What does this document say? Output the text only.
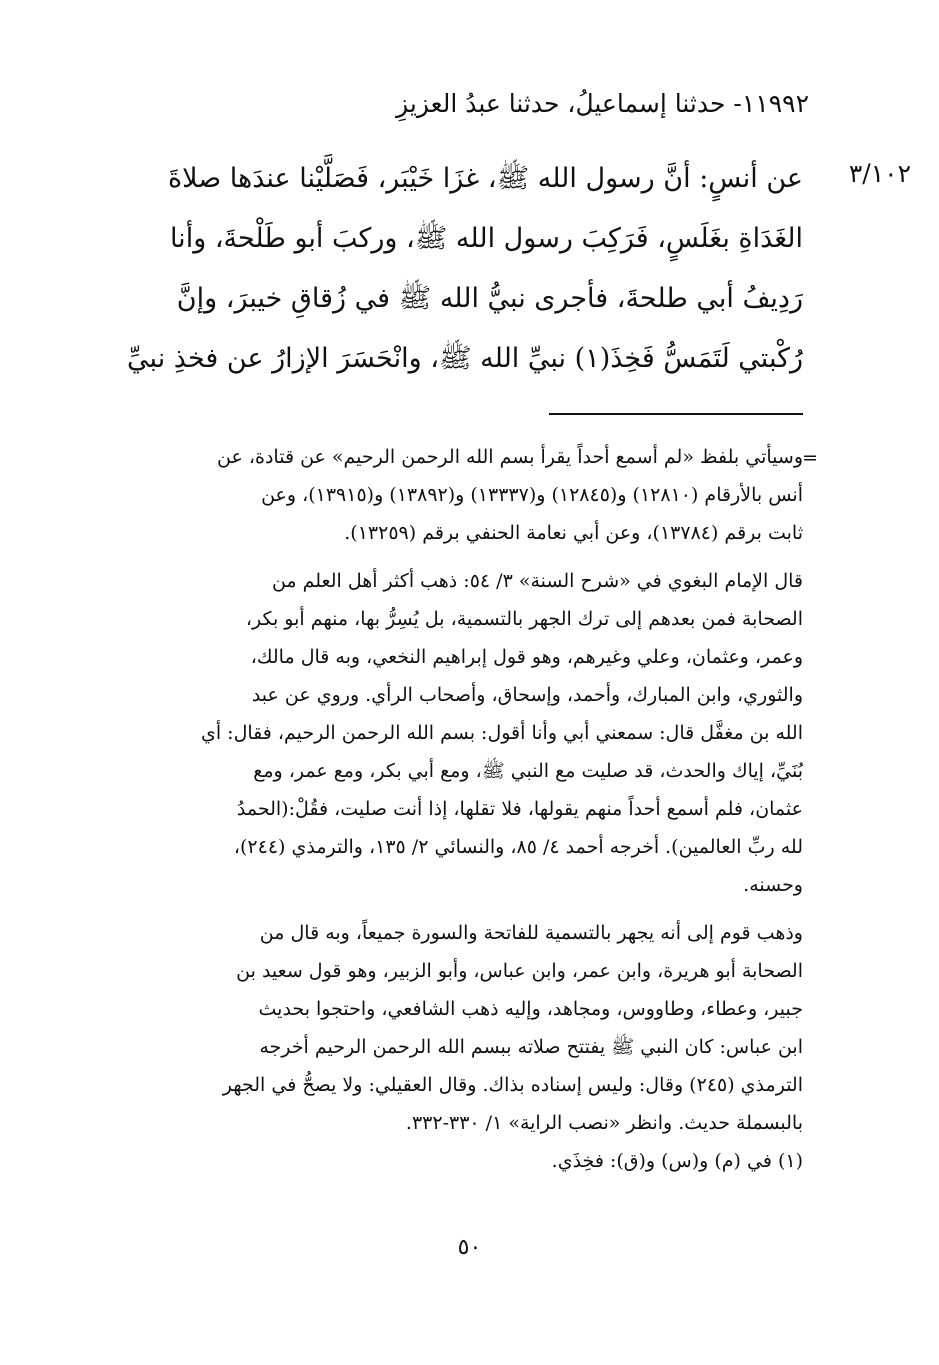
١١٩٩٢- حدثنا إسماعيلُ، حدثنا عبدُ العزيزِ
٣/١٠٢
عن أنسٍ: أنَّ رسول الله ﷺ، غزَا خَيْبَر، فَصَلَّيْنا عندَها صلاةَ
الغَدَاةِ بغَلَسٍ، فَرَكِبَ رسول الله ﷺ، وركبَ أبو طَلْحةَ، وأنا
رَدِيفُ أبي طلحةَ، فأجرى نبيُّ الله ﷺ في زُقاقِ خيبرَ، وإنَّ
رُكْبتي لَتَمَسُّ فَخِذَ(١) نبيِّ الله ﷺ، وانْحَسَرَ الإزارُ عن فخذِ نبيِّ
=
وسيأتي بلفظ «لم أسمع أحداً يقرأ بسم الله الرحمن الرحيم» عن قتادة، عن
أنس بالأرقام (١٢٨١٠) و(١٢٨٤٥) و(١٣٣٣٧) و(١٣٨٩٢) و(١٣٩١٥)، وعن
ثابت برقم (١٣٧٨٤)، وعن أبي نعامة الحنفي برقم (١٣٢٥٩).
قال الإمام البغوي في «شرح السنة» ٣/ ٥٤: ذهب أكثر أهل العلم من
الصحابة فمن بعدهم إلى ترك الجهر بالتسمية، بل يُسِرُّ بها، منهم أبو بكر،
وعمر، وعثمان، وعلي وغيرهم، وهو قول إبراهيم النخعي، وبه قال مالك،
والثوري، وابن المبارك، وأحمد، وإسحاق، وأصحاب الرأي. وروي عن عبد
الله بن مغفَّل قال: سمعني أبي وأنا أقول: بسم الله الرحمن الرحيم، فقال: أي
بُنَيِّ، إياك والحدث، قد صليت مع النبي ﷺ، ومع أبي بكر، ومع عمر، ومع
عثمان، فلم أسمع أحداً منهم يقولها، فلا تقلها، إذا أنت صليت، فقُلْ:(الحمدُ
لله ربِّ العالمين). أخرجه أحمد ٤/ ٨٥، والنسائي ٢/ ١٣٥، والترمذي (٢٤٤)،
وحسنه.
وذهب قوم إلى أنه يجهر بالتسمية للفاتحة والسورة جميعاً، وبه قال من
الصحابة أبو هريرة، وابن عمر، وابن عباس، وأبو الزبير، وهو قول سعيد بن
جبير، وعطاء، وطاووس، ومجاهد، وإليه ذهب الشافعي، واحتجوا بحديث
ابن عباس: كان النبي ﷺ يفتتح صلاته ببسم الله الرحمن الرحيم أخرجه
الترمذي (٢٤٥) وقال: وليس إسناده بذاك. وقال العقيلي: ولا يصحُّ في الجهر
بالبسملة حديث. وانظر «نصب الراية» ١/ ٣٣٠-٣٣٢.
(١) في (م) و(س) و(ق): فخِذَي.
٥٠
